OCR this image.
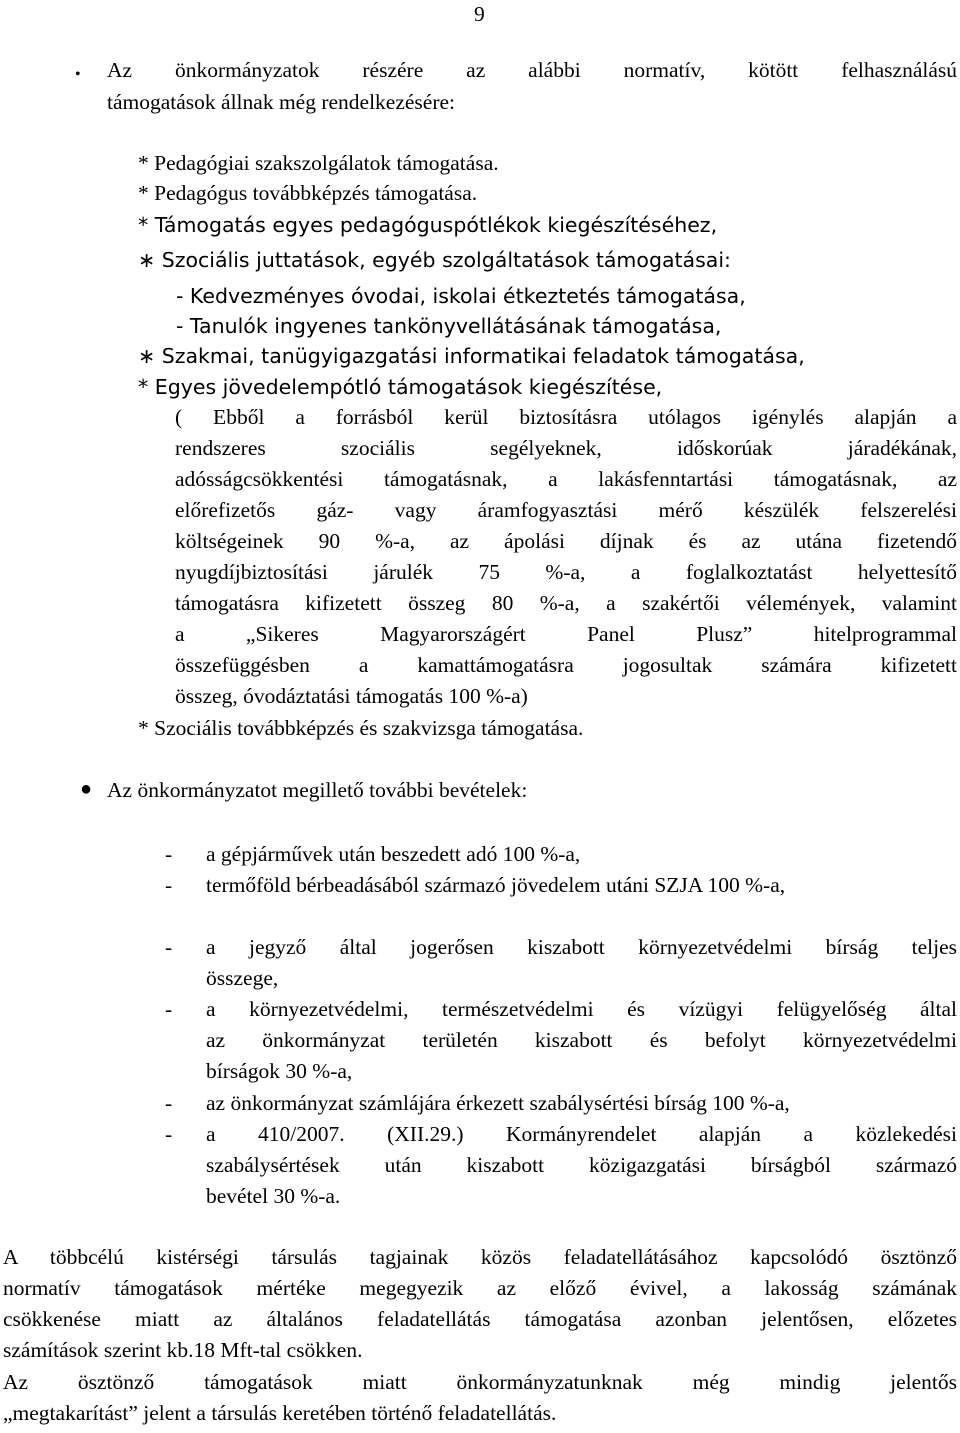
9
• Az önkormányzatok részére az alábbi normatív, kötött felhasználású
támogatások állnak még rendelkezésére:
* Pedagógiai szakszolgálatok támogatása.
* Pedagógus továbbképzés támogatása.
* Támogatás egyes pedagóguspótlékok kiegészítéséhez,
∗ Szociális juttatások, egyéb szolgáltatások támogatásai:
- Kedvezményes óvodai, iskolai étkeztetés támogatása,
- Tanulók ingyenes tankönyvellátásának támogatása,
∗ Szakmai, tanügyigazgatási informatikai feladatok támogatása,
* Egyes jövedelempótló támogatások kiegészítése,
( Ebből a forrásból kerül biztosításra utólagos igénylés alapján a
rendszeres szociális segélyeknek, időskorúak járadékának,
adósságcsökkentési támogatásnak, a lakásfenntartási támogatásnak, az
előrefizetős gáz- vagy áramfogyasztási mérő készülék felszerelési
költségeinek 90 %-a, az ápolási díjnak és az utána fizetendő
nyugdíjbiztosítási járulék 75 %-a, a foglalkoztatást helyettesítő
támogatásra kifizetett összeg 80 %-a, a szakértői vélemények, valamint
a „Sikeres Magyarországért Panel Plusz” hitelprogrammal
összefüggésben a kamattámogatásra jogosultak számára kifizetett
összeg, óvodáztatási támogatás 100 %-a)
* Szociális továbbképzés és szakvizsga támogatása.
● Az önkormányzatot megillető további bevételek:
- a gépjárművek után beszedett adó 100 %-a,
- termőföld bérbeadásából származó jövedelem utáni SZJA 100 %-a,
- a jegyző által jogerősen kiszabott környezetvédelmi bírság teljes
összege,
- a környezetvédelmi, természetvédelmi és vízügyi felügyelőség által
az önkormányzat területén kiszabott és befolyt környezetvédelmi
bírságok 30 %-a,
- az önkormányzat számlájára érkezett szabálysértési bírság 100 %-a,
- a 410/2007. (XII.29.) Kormányrendelet alapján a közlekedési
szabálysértések után kiszabott közigazgatási bírságból származó
bevétel 30 %-a.
A többcélú kistérségi társulás tagjainak közös feladatellátásához kapcsolódó ösztönző
normatív támogatások mértéke megegyezik az előző évivel, a lakosság számának
csökkenése miatt az általános feladatellátás támogatása azonban jelentősen, előzetes
számítások szerint kb.18 Mft-tal csökken.
Az ösztönző támogatások miatt önkormányzatunknak még mindig jelentős
„megtakarítást” jelent a társulás keretében történő feladatellátás.
